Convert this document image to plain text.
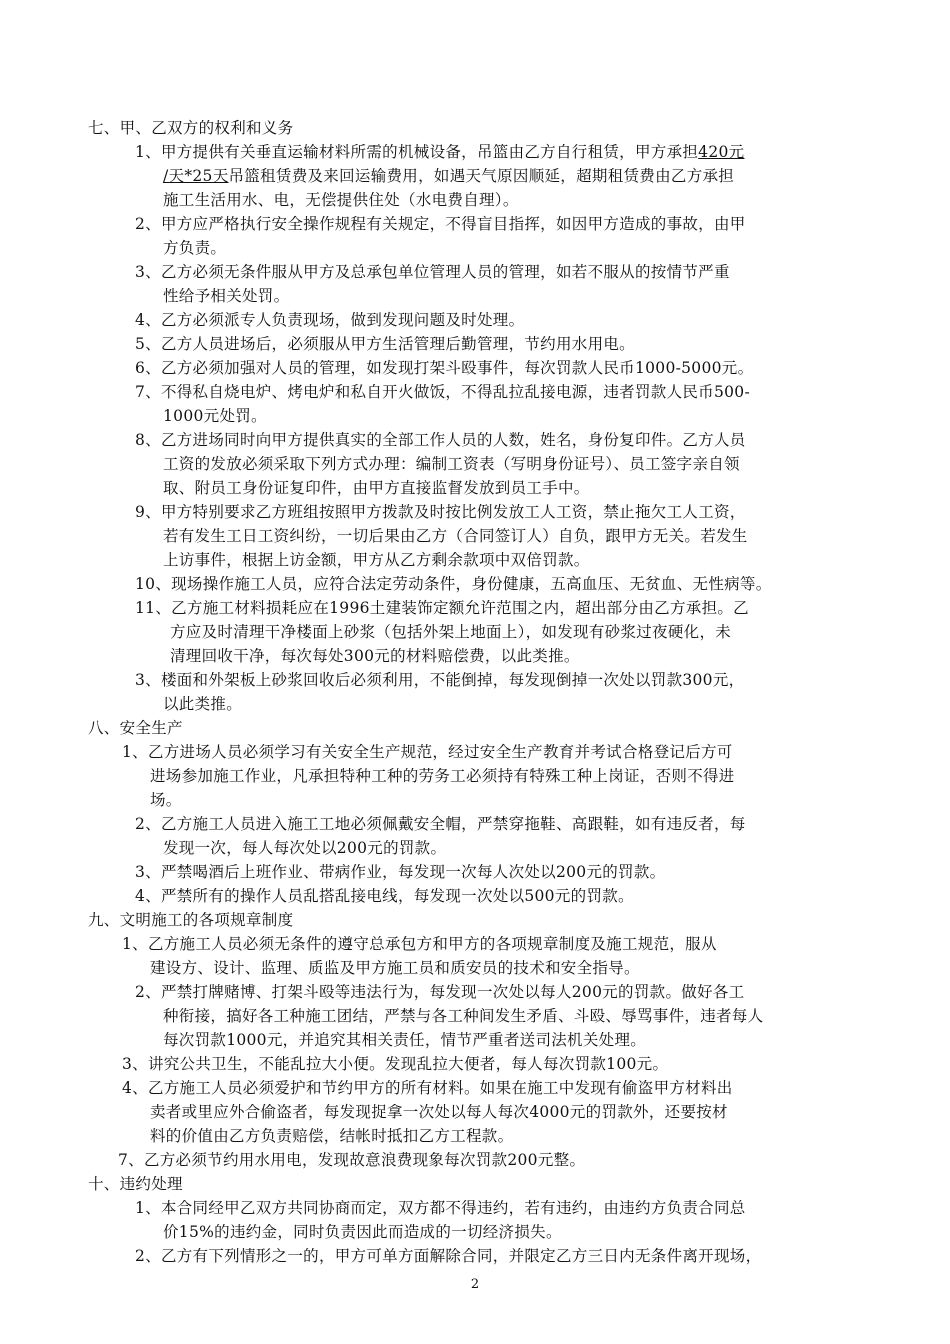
七、甲、乙双方的权利和义务
1、甲方提供有关垂直运输材料所需的机械设备，吊篮由乙方自行租赁，甲方承担420元
/天*25天吊篮租赁费及来回运输费用，如遇天气原因顺延，超期租赁费由乙方承担
施工生活用水、电，无偿提供住处（水电费自理）。
2、甲方应严格执行安全操作规程有关规定，不得盲目指挥，如因甲方造成的事故，由甲
方负责。
3、乙方必须无条件服从甲方及总承包单位管理人员的管理，如若不服从的按情节严重
性给予相关处罚。
4、乙方必须派专人负责现场，做到发现问题及时处理。
5、乙方人员进场后，必须服从甲方生活管理后勤管理，节约用水用电。
6、乙方必须加强对人员的管理，如发现打架斗殴事件，每次罚款人民币1000-5000元。
7、不得私自烧电炉、烤电炉和私自开火做饭，不得乱拉乱接电源，违者罚款人民币500-
1000元处罚。
8、乙方进场同时向甲方提供真实的全部工作人员的人数，姓名，身份复印件。乙方人员
工资的发放必须采取下列方式办理：编制工资表（写明身份证号）、员工签字亲自领
取、附员工身份证复印件，由甲方直接监督发放到员工手中。
9、甲方特别要求乙方班组按照甲方拨款及时按比例发放工人工资，禁止拖欠工人工资，
若有发生工日工资纠纷，一切后果由乙方（合同签订人）自负，跟甲方无关。若发生
上访事件，根据上访金额，甲方从乙方剩余款项中双倍罚款。
10、现场操作施工人员，应符合法定劳动条件，身份健康，五高血压、无贫血、无性病等。
11、乙方施工材料损耗应在1996土建装饰定额允许范围之内，超出部分由乙方承担。乙
方应及时清理干净楼面上砂浆（包括外架上地面上），如发现有砂浆过夜硬化，未
清理回收干净，每次每处300元的材料赔偿费，以此类推。
3、楼面和外架板上砂浆回收后必须利用，不能倒掉，每发现倒掉一次处以罚款300元，
以此类推。
八、安全生产
1、乙方进场人员必须学习有关安全生产规范，经过安全生产教育并考试合格登记后方可
进场参加施工作业，凡承担特种工种的劳务工必须持有特殊工种上岗证，否则不得进
场。
2、乙方施工人员进入施工工地必须佩戴安全帽，严禁穿拖鞋、高跟鞋，如有违反者，每
发现一次，每人每次处以200元的罚款。
3、严禁喝酒后上班作业、带病作业，每发现一次每人次处以200元的罚款。
4、严禁所有的操作人员乱搭乱接电线，每发现一次处以500元的罚款。
九、文明施工的各项规章制度
1、乙方施工人员必须无条件的遵守总承包方和甲方的各项规章制度及施工规范，服从
建设方、设计、监理、质监及甲方施工员和质安员的技术和安全指导。
2、严禁打牌赌博、打架斗殴等违法行为，每发现一次处以每人200元的罚款。做好各工
种衔接，搞好各工种施工团结，严禁与各工种间发生矛盾、斗殴、辱骂事件，违者每人
每次罚款1000元，并追究其相关责任，情节严重者送司法机关处理。
3、讲究公共卫生，不能乱拉大小便。发现乱拉大便者，每人每次罚款100元。
4、乙方施工人员必须爱护和节约甲方的所有材料。如果在施工中发现有偷盗甲方材料出
卖者或里应外合偷盗者，每发现捉拿一次处以每人每次4000元的罚款外，还要按材
料的价值由乙方负责赔偿，结帐时抵扣乙方工程款。
7、乙方必须节约用水用电，发现故意浪费现象每次罚款200元整。
十、违约处理
1、本合同经甲乙双方共同协商而定，双方都不得违约，若有违约，由违约方负责合同总
价15%的违约金，同时负责因此而造成的一切经济损失。
2、乙方有下列情形之一的，甲方可单方面解除合同，并限定乙方三日内无条件离开现场，
2
